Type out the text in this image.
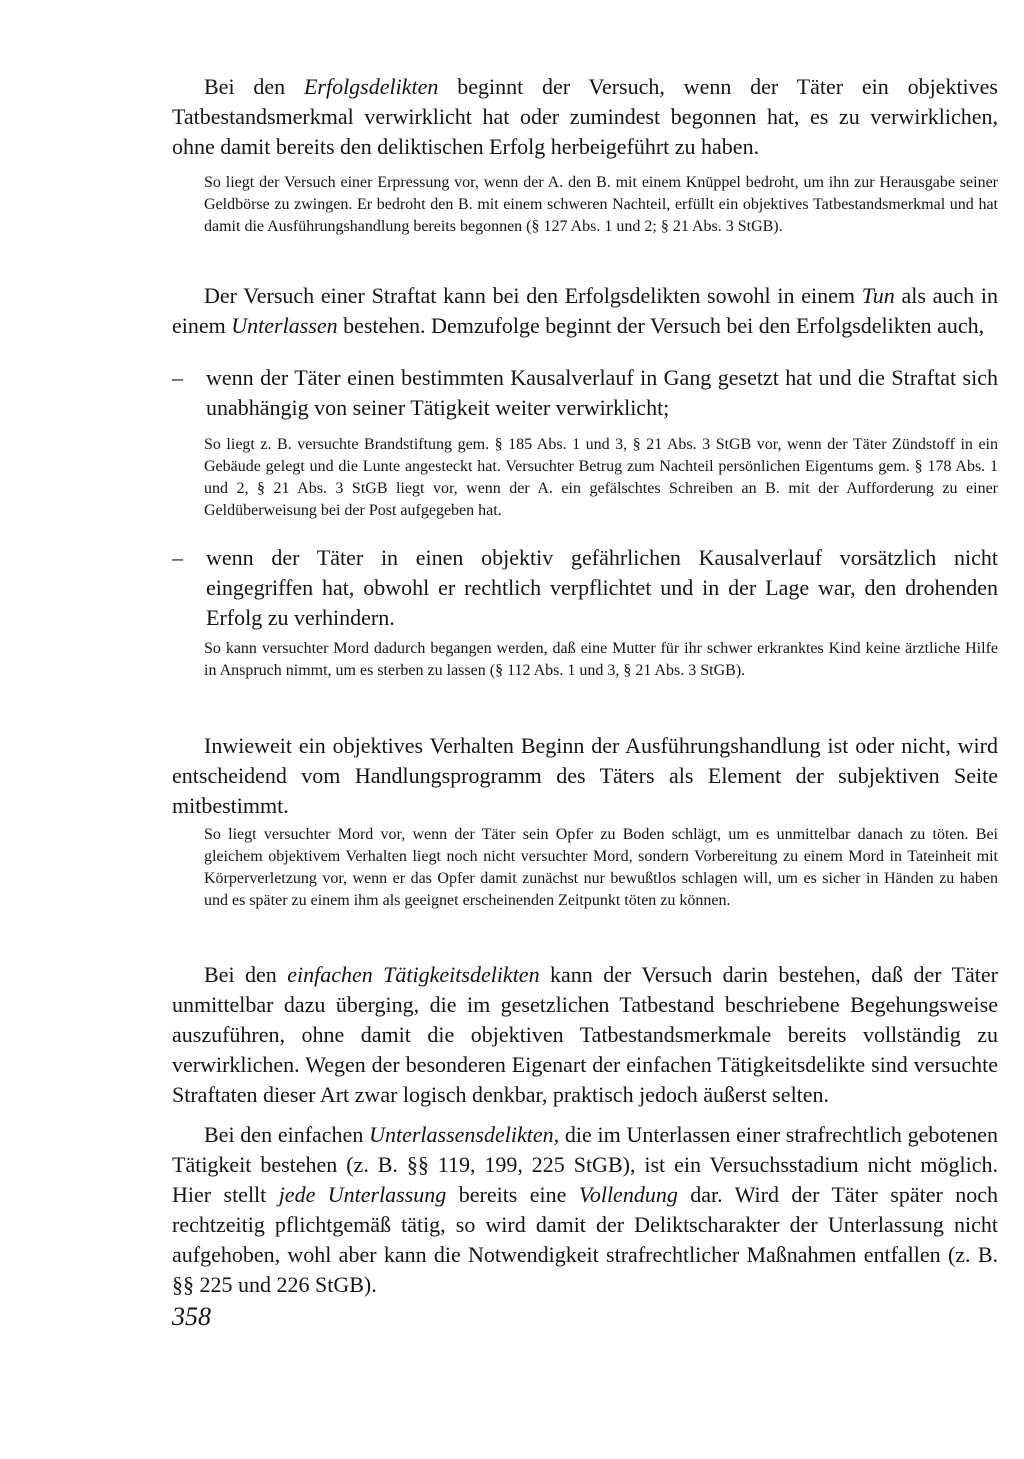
Bei den Erfolgsdelikten beginnt der Versuch, wenn der Täter ein objektives Tatbestandsmerkmal verwirklicht hat oder zumindest begonnen hat, es zu verwirklichen, ohne damit bereits den deliktischen Erfolg herbeigeführt zu haben.

So liegt der Versuch einer Erpressung vor, wenn der A. den B. mit einem Knüppel bedroht, um ihn zur Herausgabe seiner Geldbörse zu zwingen. Er bedroht den B. mit einem schweren Nachteil, erfüllt ein objektives Tatbestandsmerkmal und hat damit die Ausführungshandlung bereits begonnen (§ 127 Abs. 1 und 2; § 21 Abs. 3 StGB).

Der Versuch einer Straftat kann bei den Erfolgsdelikten sowohl in einem Tun als auch in einem Unterlassen bestehen. Demzufolge beginnt der Versuch bei den Erfolgsdelikten auch,

– wenn der Täter einen bestimmten Kausalverlauf in Gang gesetzt hat und die Straftat sich unabhängig von seiner Tätigkeit weiter verwirklicht;

So liegt z. B. versuchte Brandstiftung gem. § 185 Abs. 1 und 3, § 21 Abs. 3 StGB vor, wenn der Täter Zündstoff in ein Gebäude gelegt und die Lunte angesteckt hat. Versuchter Betrug zum Nachteil persönlichen Eigentums gem. § 178 Abs. 1 und 2, § 21 Abs. 3 StGB liegt vor, wenn der A. ein gefälschtes Schreiben an B. mit der Aufforderung zu einer Geldüberweisung bei der Post aufgegeben hat.

– wenn der Täter in einen objektiv gefährlichen Kausalverlauf vorsätzlich nicht eingegriffen hat, obwohl er rechtlich verpflichtet und in der Lage war, den drohenden Erfolg zu verhindern.

So kann versuchter Mord dadurch begangen werden, daß eine Mutter für ihr schwer erkranktes Kind keine ärztliche Hilfe in Anspruch nimmt, um es sterben zu lassen (§ 112 Abs. 1 und 3, § 21 Abs. 3 StGB).

Inwieweit ein objektives Verhalten Beginn der Ausführungshandlung ist oder nicht, wird entscheidend vom Handlungsprogramm des Täters als Element der subjektiven Seite mitbestimmt.

So liegt versuchter Mord vor, wenn der Täter sein Opfer zu Boden schlägt, um es unmittelbar danach zu töten. Bei gleichem objektivem Verhalten liegt noch nicht versuchter Mord, sondern Vorbereitung zu einem Mord in Tateinheit mit Körperverletzung vor, wenn er das Opfer damit zunächst nur bewußtlos schlagen will, um es sicher in Händen zu haben und es später zu einem ihm als geeignet erscheinenden Zeitpunkt töten zu können.

Bei den einfachen Tätigkeitsdelikten kann der Versuch darin bestehen, daß der Täter unmittelbar dazu überging, die im gesetzlichen Tatbestand beschriebene Begehungsweise auszuführen, ohne damit die objektiven Tatbestandsmerkmale bereits vollständig zu verwirklichen. Wegen der besonderen Eigenart der einfachen Tätigkeitsdelikte sind versuchte Straftaten dieser Art zwar logisch denkbar, praktisch jedoch äußerst selten.

Bei den einfachen Unterlassensdelikten, die im Unterlassen einer strafrechtlich gebotenen Tätigkeit bestehen (z. B. §§ 119, 199, 225 StGB), ist ein Versuchsstadium nicht möglich. Hier stellt jede Unterlassung bereits eine Vollendung dar. Wird der Täter später noch rechtzeitig pflichtgemäß tätig, so wird damit der Deliktscharakter der Unterlassung nicht aufgehoben, wohl aber kann die Notwendigkeit strafrechtlicher Maßnahmen entfallen (z. B. §§ 225 und 226 StGB).

358
